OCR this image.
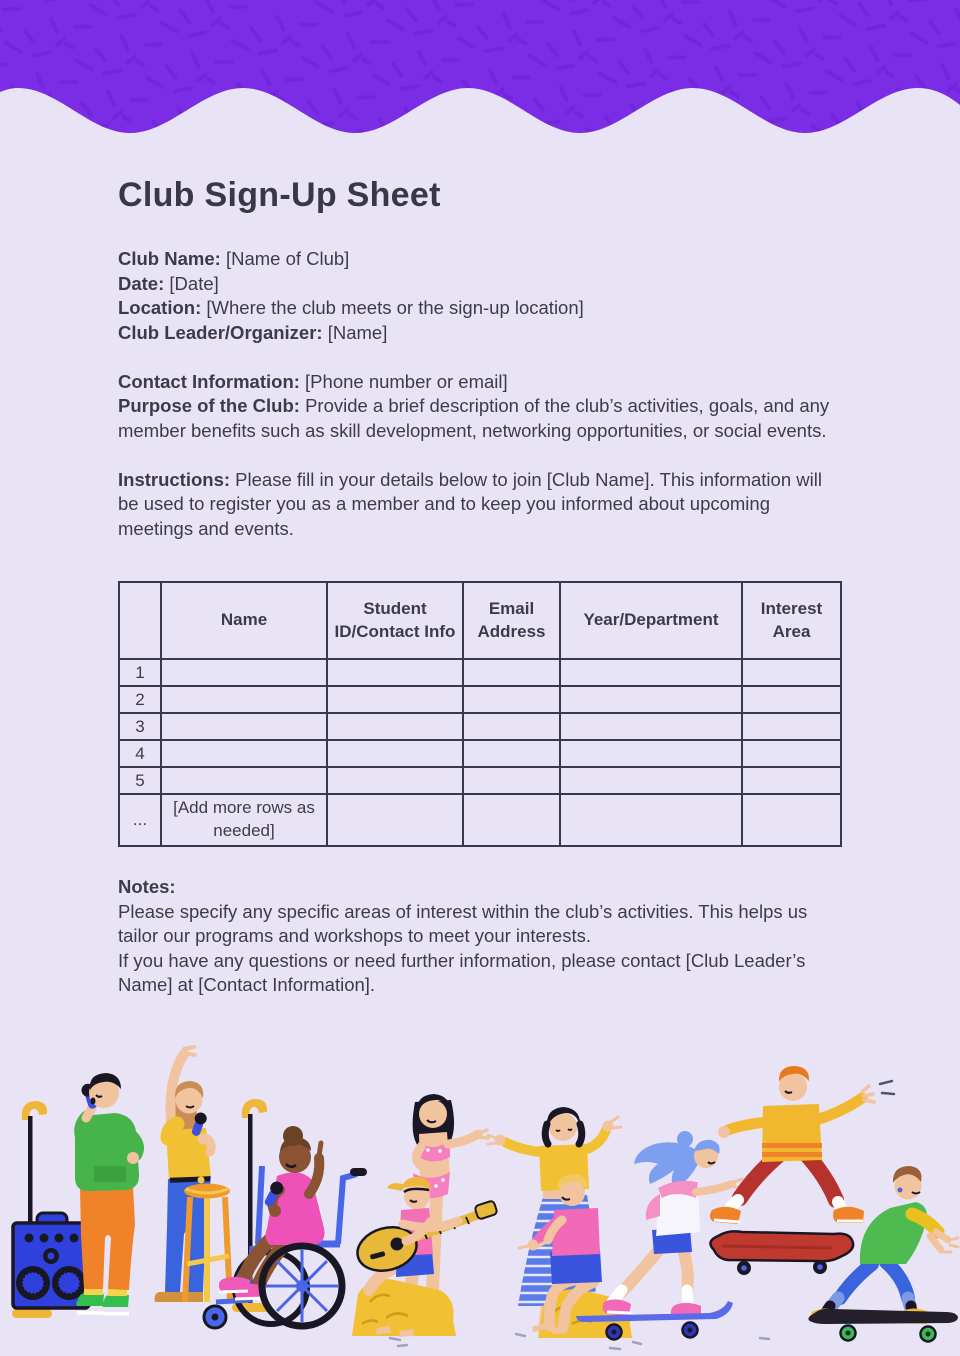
Club Sign-Up Sheet

Club Name: [Name of Club]

Date: [Date]

Location: [Where the club meets or the sign-up location]

Club Leader/Organizer: [Name]

Contact Information: [Phone number or email]

Purpose of the Club: Provide a brief description of the club’s activities, goals, and any member benefits such as skill development, networking opportunities, or social events.

Instructions: Please fill in your details below to join [Club Name]. This information will be used to register you as a member and to keep you informed about upcoming meetings and events.

	Name	Student ID/Contact Info	Email Address	Year/Department	Interest Area
1					
2					
3					
4					
5					
...	[Add more rows as needed]				

Notes:

Please specify any specific areas of interest within the club’s activities. This helps us tailor our programs and workshops to meet your interests.

If you have any questions or need further information, please contact [Club Leader’s Name] at [Contact Information].
